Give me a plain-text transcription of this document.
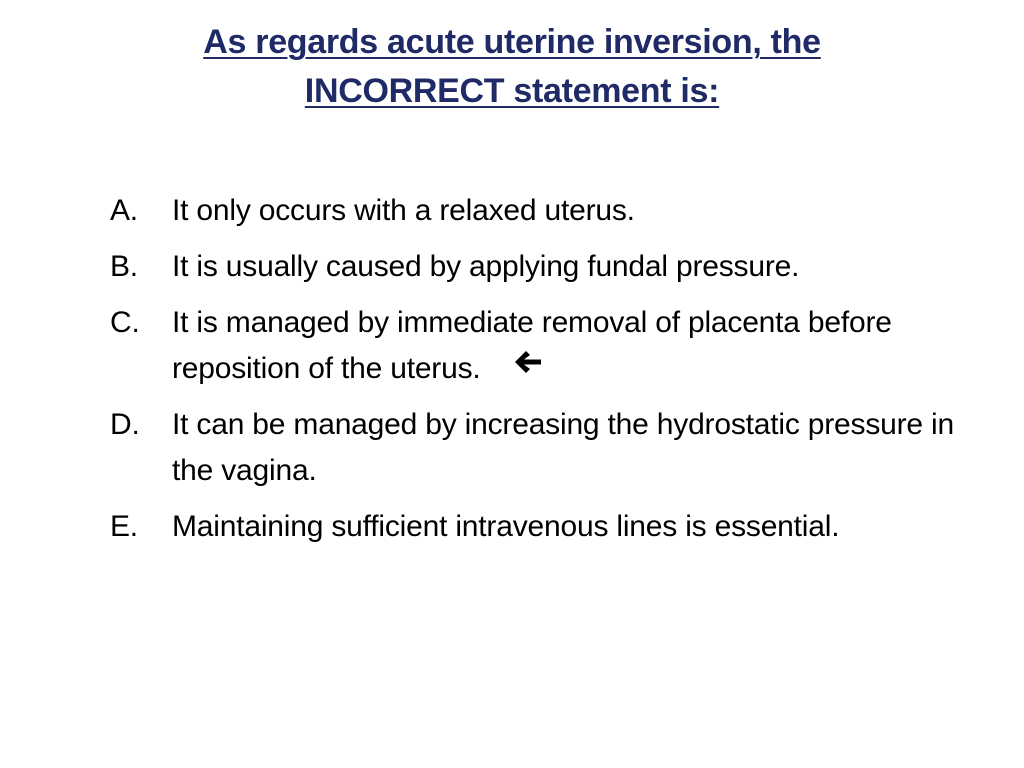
As regards acute uterine inversion, the INCORRECT statement is:
A.	It only occurs with a relaxed uterus.
B.	It is usually caused by applying fundal pressure.
C.	It is managed by immediate removal of placenta before reposition of the uterus.
D.	It can be managed by increasing the hydrostatic pressure in the vagina.
E.	Maintaining sufficient intravenous lines is essential.
